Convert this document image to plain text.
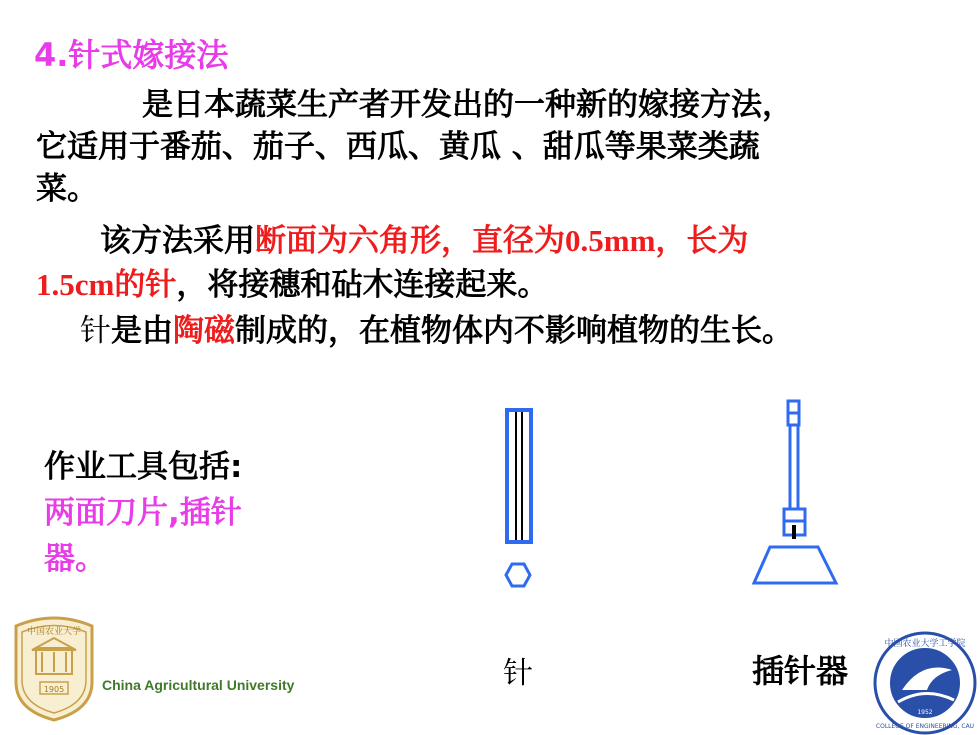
4.针式嫁接法
是日本蔬菜生产者开发出的一种新的嫁接方法，
它适用于番茄、茄子、西瓜、黄瓜 、甜瓜等果菜类蔬
菜。
该方法采用断面为六角形，直径为0.5mm，长为
1.5cm的针，将接穗和砧木连接起来。
针是由陶磁制成的，在植物体内不影响植物的生长。
作业工具包括:
两面刀片,插针
器。
针	插针器
中国农业大学
1905	China Agricultural University
中国农业大学工学院
COLLEGE OF ENGINEERING, CAU
1952
